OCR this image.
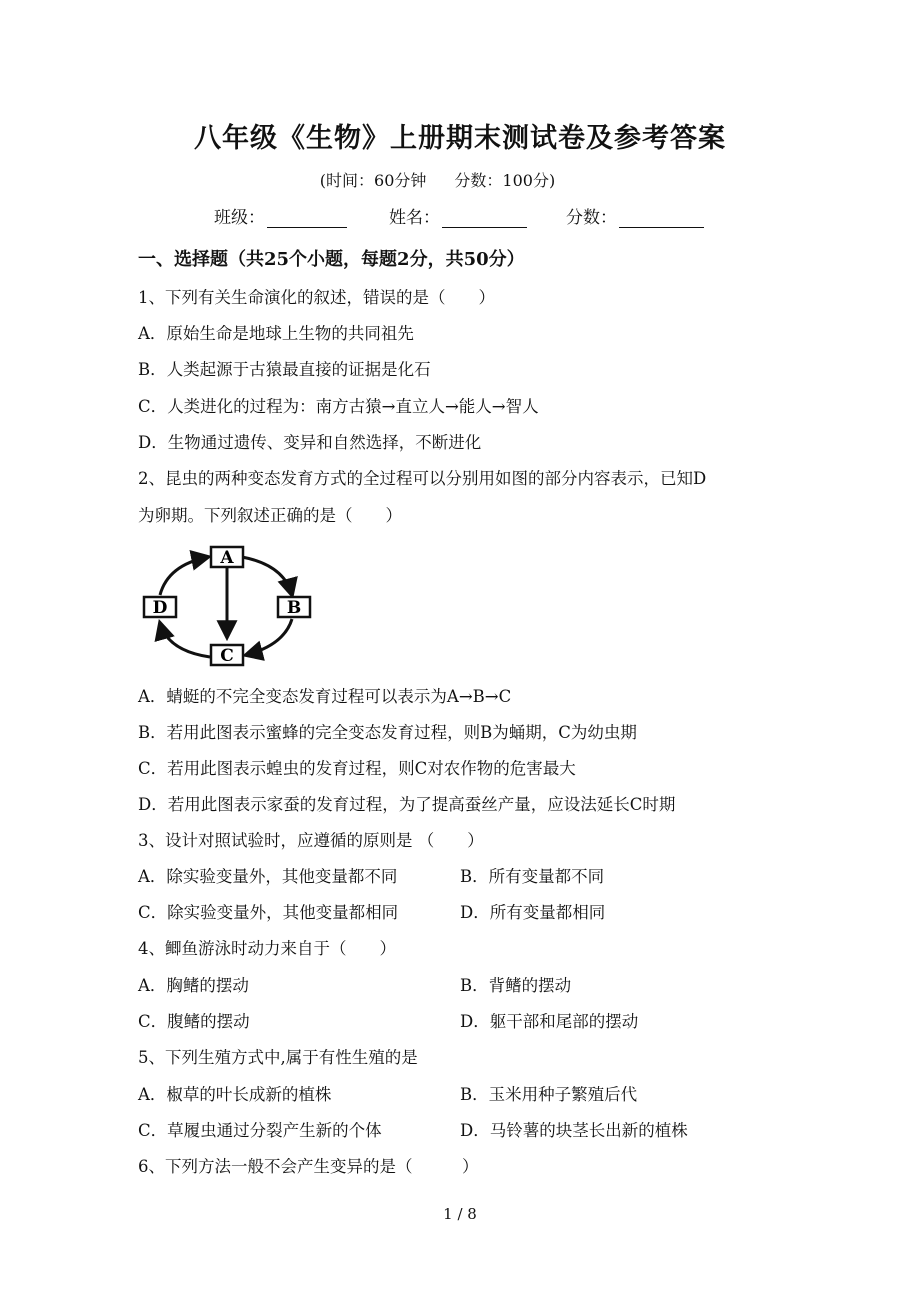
八年级《生物》上册期末测试卷及参考答案
(时间：60分钟 分数：100分)
班级：	姓名：	分数：
一、选择题（共25个小题，每题2分，共50分）
1、下列有关生命演化的叙述，错误的是（　　）
A．原始生命是地球上生物的共同祖先
B．人类起源于古猿最直接的证据是化石
C．人类进化的过程为：南方古猿→直立人→能人→智人
D．生物通过遗传、变异和自然选择，不断进化
2、昆虫的两种变态发育方式的全过程可以分别用如图的部分内容表示，已知D
为卵期。下列叙述正确的是（　　）
A
B
C
D
A．蜻蜓的不完全变态发育过程可以表示为A→B→C
B．若用此图表示蜜蜂的完全变态发育过程，则B为蛹期，C为幼虫期
C．若用此图表示蝗虫的发育过程，则C对农作物的危害最大
D．若用此图表示家蚕的发育过程，为了提高蚕丝产量，应设法延长C时期
3、设计对照试验时，应遵循的原则是 （　　）
A．除实验变量外，其他变量都不同	B．所有变量都不同
C．除实验变量外，其他变量都相同	D．所有变量都相同
4、鲫鱼游泳时动力来自于（　　）
A．胸鳍的摆动	B．背鳍的摆动
C．腹鳍的摆动	D．躯干部和尾部的摆动
5、下列生殖方式中,属于有性生殖的是
A．椒草的叶长成新的植株	B．玉米用种子繁殖后代
C．草履虫通过分裂产生新的个体	D．马铃薯的块茎长出新的植株
6、下列方法一般不会产生变异的是（　　　）
1 / 8
